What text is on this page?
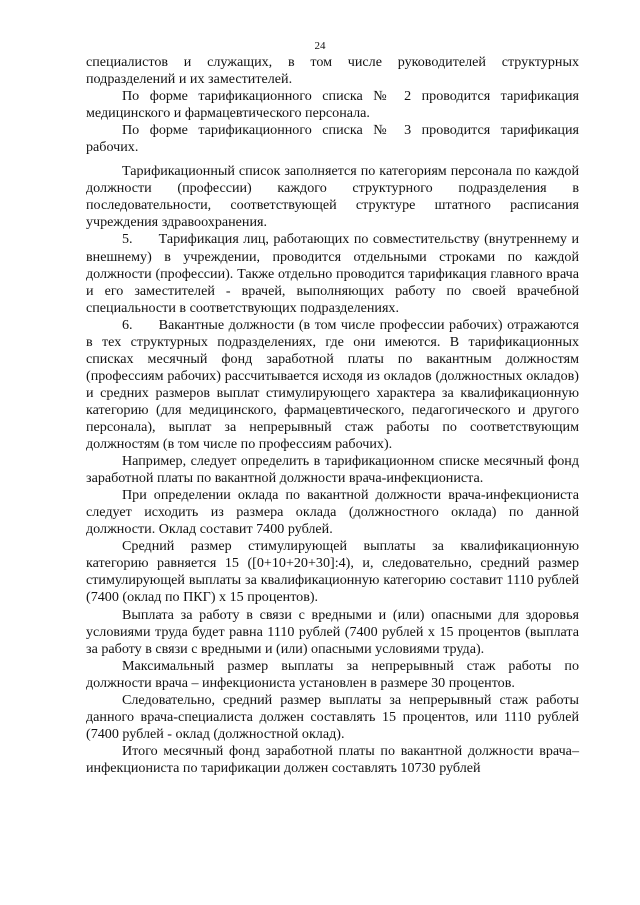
24

специалистов и служащих, в том числе руководителей структурных подразделений и их заместителей.

По форме тарификационного списка № 2 проводится тарификация медицинского и фармацевтического персонала.

По форме тарификационного списка № 3 проводится тарификация рабочих.

Тарификационный список заполняется по категориям персонала по каждой должности (профессии) каждого структурного подразделения в последовательности, соответствующей структуре штатного расписания учреждения здравоохранения.

5. Тарификация лиц, работающих по совместительству (внутреннему и внешнему) в учреждении, проводится отдельными строками по каждой должности (профессии). Также отдельно проводится тарификация главного врача и его заместителей - врачей, выполняющих работу по своей врачебной специальности в соответствующих подразделениях.

6. Вакантные должности (в том числе профессии рабочих) отражаются в тех структурных подразделениях, где они имеются. В тарификационных списках месячный фонд заработной платы по вакантным должностям (профессиям рабочих) рассчитывается исходя из окладов (должностных окладов) и средних размеров выплат стимулирующего характера за квалификационную категорию (для медицинского, фармацевтического, педагогического и другого персонала), выплат за непрерывный стаж работы по соответствующим должностям (в том числе по профессиям рабочих).

Например, следует определить в тарификационном списке месячный фонд заработной платы по вакантной должности врача-инфекциониста.

При определении оклада по вакантной должности врача-инфекциониста следует исходить из размера оклада (должностного оклада) по данной должности. Оклад составит 7400 рублей.

Средний размер стимулирующей выплаты за квалификационную категорию равняется 15 ([0+10+20+30]:4), и, следовательно, средний размер стимулирующей выплаты за квалификационную категорию составит 1110 рублей (7400 (оклад по ПКГ) х 15 процентов).

Выплата за работу в связи с вредными и (или) опасными для здоровья условиями труда будет равна 1110 рублей (7400 рублей х 15 процентов (выплата за работу в связи с вредными и (или) опасными условиями труда).

Максимальный размер выплаты за непрерывный стаж работы по должности врача – инфекциониста установлен в размере 30 процентов.

Следовательно, средний размер выплаты за непрерывный стаж работы данного врача-специалиста должен составлять 15 процентов, или 1110 рублей (7400 рублей - оклад (должностной оклад).

Итого месячный фонд заработной платы по вакантной должности врача–инфекциониста по тарификации должен составлять 10730 рублей
